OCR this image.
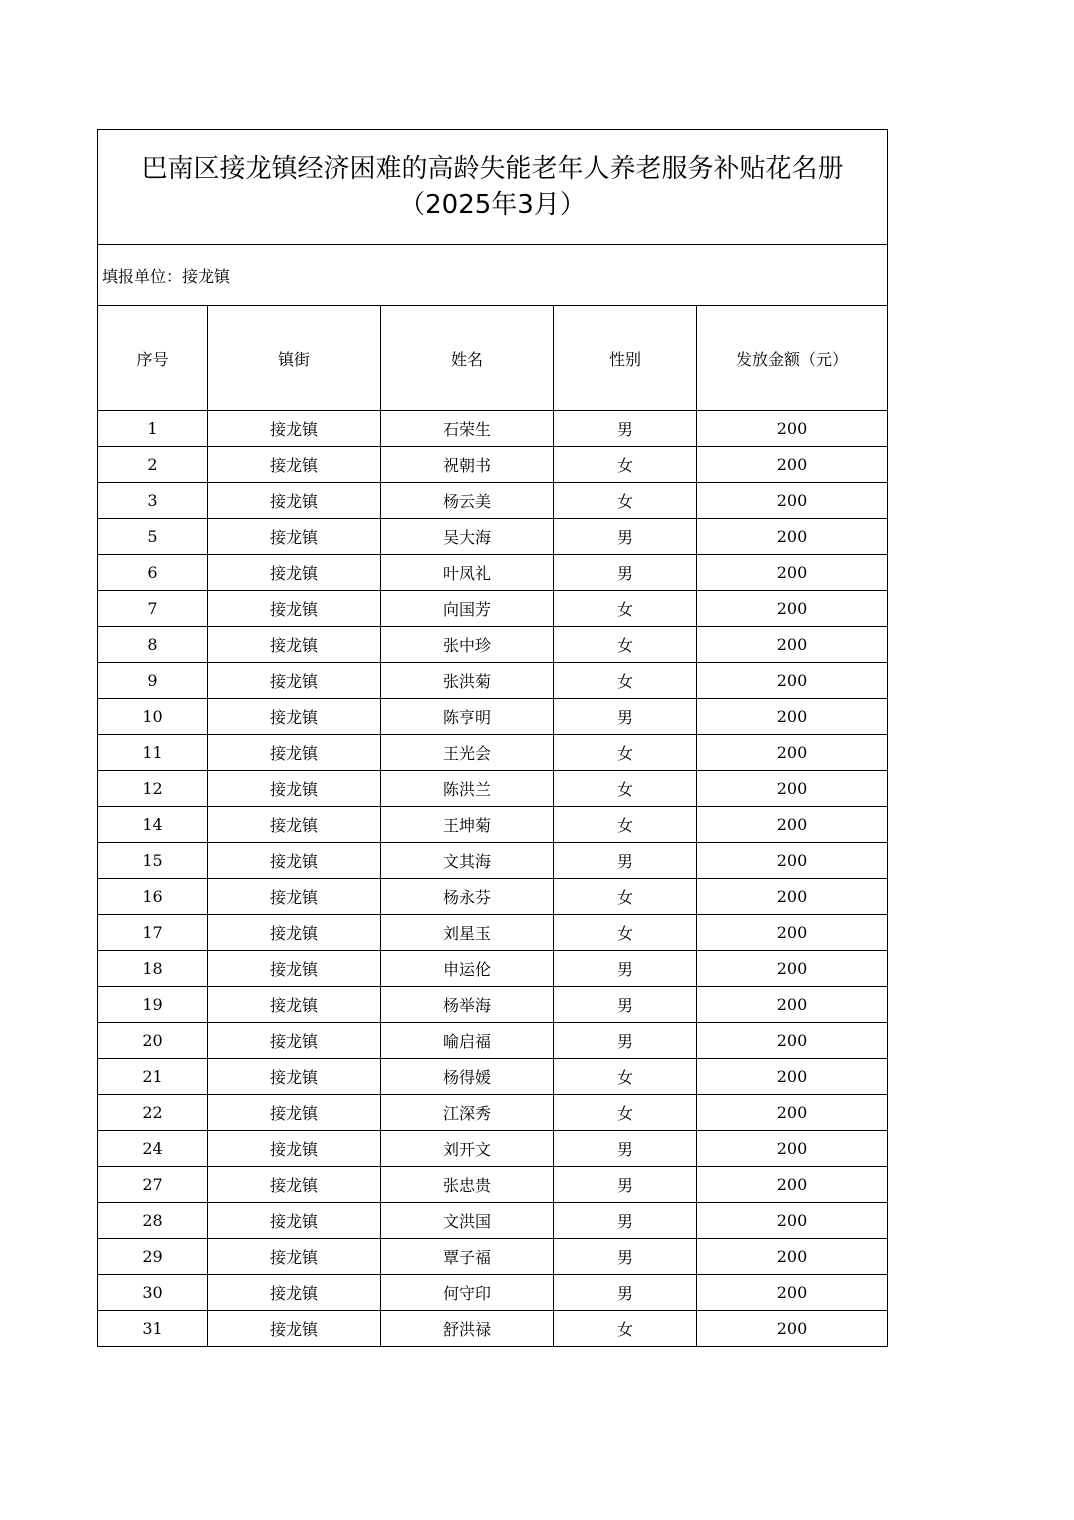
巴南区接龙镇经济困难的高龄失能老年人养老服务补贴花名册（2025年3月）				
填报单位：接龙镇				
序号	镇街	姓名	性别	发放金额（元）
1	接龙镇	石荣生	男	200
2	接龙镇	祝朝书	女	200
3	接龙镇	杨云美	女	200
5	接龙镇	吴大海	男	200
6	接龙镇	叶凤礼	男	200
7	接龙镇	向国芳	女	200
8	接龙镇	张中珍	女	200
9	接龙镇	张洪菊	女	200
10	接龙镇	陈亨明	男	200
11	接龙镇	王光会	女	200
12	接龙镇	陈洪兰	女	200
14	接龙镇	王坤菊	女	200
15	接龙镇	文其海	男	200
16	接龙镇	杨永芬	女	200
17	接龙镇	刘星玉	女	200
18	接龙镇	申运伦	男	200
19	接龙镇	杨举海	男	200
20	接龙镇	喻启福	男	200
21	接龙镇	杨得媛	女	200
22	接龙镇	江深秀	女	200
24	接龙镇	刘开文	男	200
27	接龙镇	张忠贵	男	200
28	接龙镇	文洪国	男	200
29	接龙镇	覃子福	男	200
30	接龙镇	何守印	男	200
31	接龙镇	舒洪禄	女	200
